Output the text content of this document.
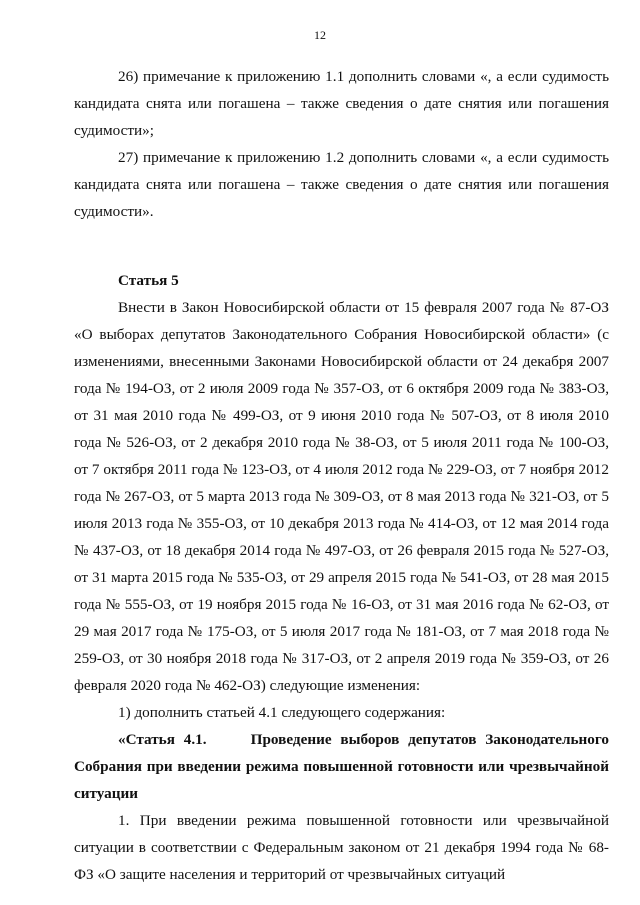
12

26) примечание к приложению 1.1 дополнить словами «, а если судимость кандидата снята или погашена – также сведения о дате снятия или погашения судимости»;

27) примечание к приложению 1.2 дополнить словами «, а если судимость кандидата снята или погашена – также сведения о дате снятия или погашения судимости».

Статья 5

Внести в Закон Новосибирской области от 15 февраля 2007 года № 87-ОЗ «О выборах депутатов Законодательного Собрания Новосибирской области» (с изменениями, внесенными Законами Новосибирской области от 24 декабря 2007 года № 194-ОЗ, от 2 июля 2009 года № 357-ОЗ, от 6 октября 2009 года № 383-ОЗ, от 31 мая 2010 года № 499-ОЗ, от 9 июня 2010 года № 507-ОЗ, от 8 июля 2010 года № 526-ОЗ, от 2 декабря 2010 года № 38-ОЗ, от 5 июля 2011 года № 100-ОЗ, от 7 октября 2011 года № 123-ОЗ, от 4 июля 2012 года № 229-ОЗ, от 7 ноября 2012 года № 267-ОЗ, от 5 марта 2013 года № 309-ОЗ, от 8 мая 2013 года № 321-ОЗ, от 5 июля 2013 года № 355-ОЗ, от 10 декабря 2013 года № 414-ОЗ, от 12 мая 2014 года № 437-ОЗ, от 18 декабря 2014 года № 497-ОЗ, от 26 февраля 2015 года № 527-ОЗ, от 31 марта 2015 года № 535-ОЗ, от 29 апреля 2015 года № 541-ОЗ, от 28 мая 2015 года № 555-ОЗ, от 19 ноября 2015 года № 16-ОЗ, от 31 мая 2016 года № 62-ОЗ, от 29 мая 2017 года № 175-ОЗ, от 5 июля 2017 года № 181-ОЗ, от 7 мая 2018 года № 259-ОЗ, от 30 ноября 2018 года № 317-ОЗ, от 2 апреля 2019 года № 359-ОЗ, от 26 февраля 2020 года № 462-ОЗ) следующие изменения:

1) дополнить статьей 4.1 следующего содержания:

«Статья 4.1.	Проведение выборов депутатов Законодательного Собрания при введении режима повышенной готовности или чрезвычайной ситуации

1. При введении режима повышенной готовности или чрезвычайной ситуации в соответствии с Федеральным законом от 21 декабря 1994 года № 68-ФЗ «О защите населения и территорий от чрезвычайных ситуаций
